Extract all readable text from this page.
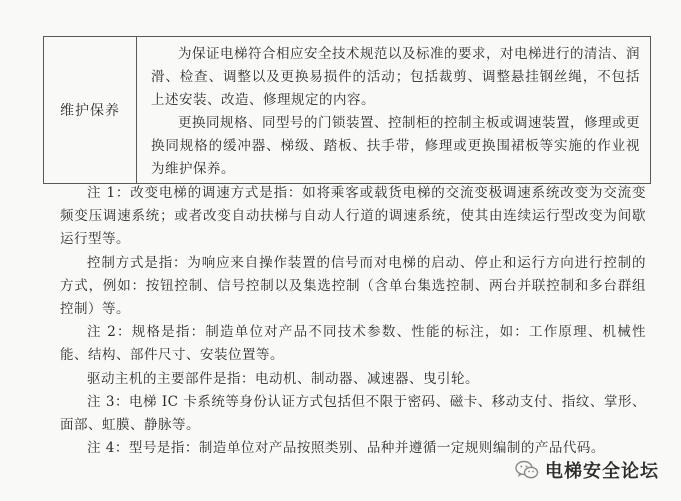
维护保养

为保证电梯符合相应安全技术规范以及标准的要求，对电梯进行的清洁、润滑、检查、调整以及更换易损件的活动；包括裁剪、调整悬挂钢丝绳，不包括上述安装、改造、修理规定的内容。

更换同规格、同型号的门锁装置、控制柜的控制主板或调速装置，修理或更换同规格的缓冲器、梯级、踏板、扶手带，修理或更换围裙板等实施的作业视为维护保养。

注 1：改变电梯的调速方式是指：如将乘客或载货电梯的交流变极调速系统改变为交流变频变压调速系统；或者改变自动扶梯与自动人行道的调速系统，使其由连续运行型改变为间歇运行型等。

控制方式是指：为响应来自操作装置的信号而对电梯的启动、停止和运行方向进行控制的方式，例如：按钮控制、信号控制以及集选控制（含单台集选控制、两台并联控制和多台群组控制）等。

注 2：规格是指：制造单位对产品不同技术参数、性能的标注，如：工作原理、机械性能、结构、部件尺寸、安装位置等。

驱动主机的主要部件是指：电动机、制动器、减速器、曳引轮。

注 3：电梯 IC 卡系统等身份认证方式包括但不限于密码、磁卡、移动支付、指纹、掌形、面部、虹膜、静脉等。

注 4：型号是指：制造单位对产品按照类别、品种并遵循一定规则编制的产品代码。

电梯安全论坛
